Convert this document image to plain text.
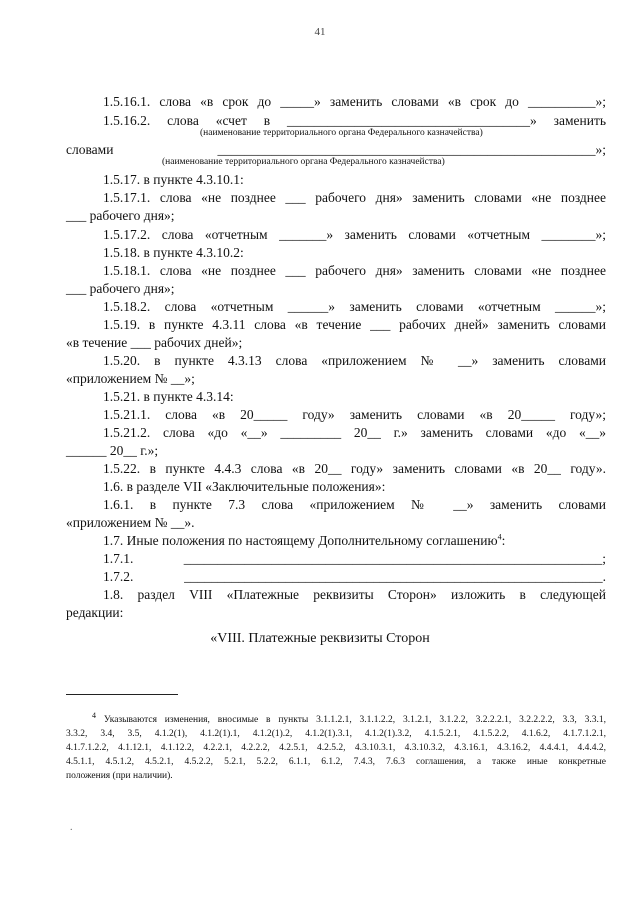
41
1.5.16.1. слова «в срок до _____» заменить словами «в срок до __________»;
1.5.16.2. слова «счет в ____________________________________» заменить
(наименование территориального органа Федерального казначейства)
словами ________________________________________________________»;
(наименование территориального органа Федерального казначейства)
1.5.17. в пункте 4.3.10.1:
1.5.17.1. слова «не позднее ___ рабочего дня» заменить словами «не позднее
___ рабочего дня»;
1.5.17.2. слова «отчетным _______» заменить словами «отчетным ________»;
1.5.18. в пункте 4.3.10.2:
1.5.18.1. слова «не позднее ___ рабочего дня» заменить словами «не позднее
___ рабочего дня»;
1.5.18.2. слова «отчетным ______» заменить словами «отчетным ______»;
1.5.19. в пункте 4.3.11 слова «в течение ___ рабочих дней» заменить словами
«в течение ___ рабочих дней»;
1.5.20. в пункте 4.3.13 слова «приложением № __» заменить словами
«приложением № __»;
1.5.21. в пункте 4.3.14:
1.5.21.1. слова «в 20_____ году» заменить словами «в 20_____ году»;
1.5.21.2. слова «до «__» _________ 20__ г.» заменить словами «до «__»
______ 20__ г.»;
1.5.22. в пункте 4.4.3 слова «в 20__ году» заменить словами «в 20__ году».
1.6. в разделе VII «Заключительные положения»:
1.6.1. в пункте 7.3 слова «приложением № __» заменить словами
«приложением № __».
1.7. Иные положения по настоящему Дополнительному соглашению$^4$:
1.7.1. ______________________________________________________________;
1.7.2. ______________________________________________________________.
1.8. раздел VIII «Платежные реквизиты Сторон» изложить в следующей
редакции:
«VIII. Платежные реквизиты Сторон
$^4$ Указываются изменения, вносимые в пункты 3.1.1.2.1, 3.1.1.2.2, 3.1.2.1, 3.1.2.2, 3.2.2.2.1, 3.2.2.2.2, 3.3, 3.3.1,
3.3.2, 3.4, 3.5, 4.1.2(1), 4.1.2(1).1, 4.1.2(1).2, 4.1.2(1).3.1, 4.1.2(1).3.2, 4.1.5.2.1, 4.1.5.2.2, 4.1.6.2, 4.1.7.1.2.1,
4.1.7.1.2.2, 4.1.12.1, 4.1.12.2, 4.2.2.1, 4.2.2.2, 4.2.5.1, 4.2.5.2, 4.3.10.3.1, 4.3.10.3.2, 4.3.16.1, 4.3.16.2, 4.4.4.1, 4.4.4.2,
4.5.1.1, 4.5.1.2, 4.5.2.1, 4.5.2.2, 5.2.1, 5.2.2, 6.1.1, 6.1.2, 7.4.3, 7.6.3 соглашения, а также иные конкретные
положения (при наличии).
.
